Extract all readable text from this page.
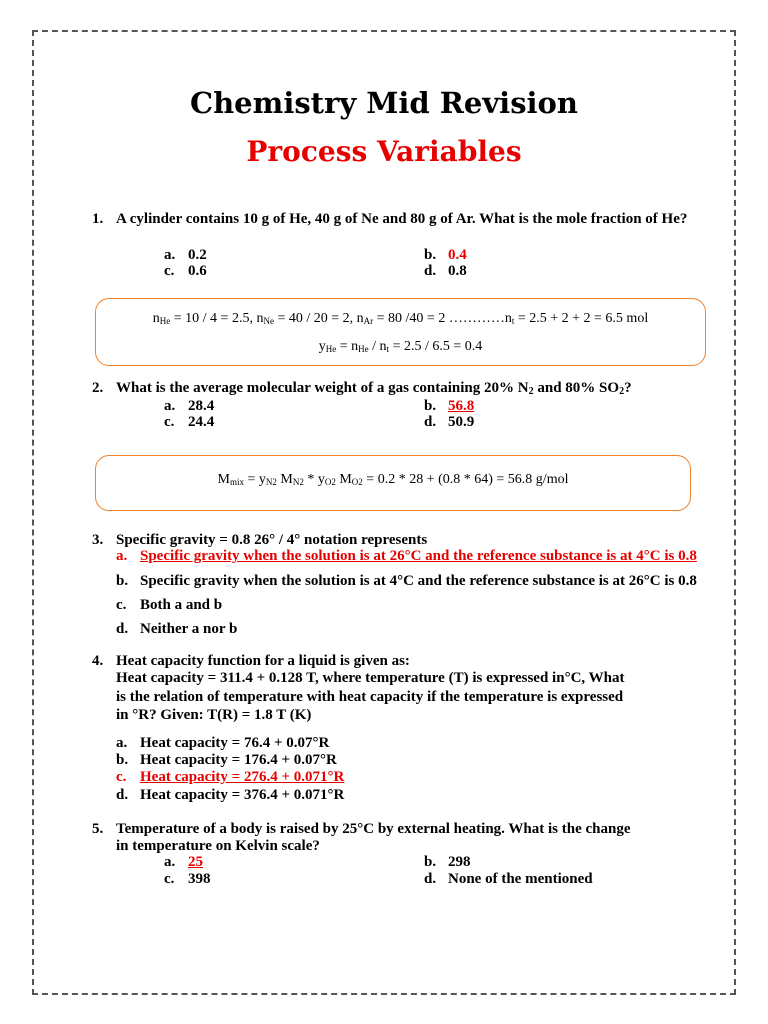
Chemistry Mid Revision
Process Variables
1. A cylinder contains 10 g of He, 40 g of Ne and 80 g of Ar. What is the mole fraction of He?
a. 0.2	b. 0.4
c. 0.6	d. 0.8
$n_{He} = 10 / 4 = 2.5$, $n_{Ne} = 40 / 20 = 2$, $n_{Ar} = 80$ /40 = 2 $\dots\dots\dots\dots n_t = 2.5 + 2 + 2 = 6.5$ mol
$y_{He} = n_{He} / n_t = 2.5 / 6.5 = 0.4$
2. What is the average molecular weight of a gas containing 20% $N_2$ and 80% $SO_2$?
a. 28.4	b. 56.8
c. 24.4	d. 50.9
$M_{mix} = y_{N2}$ $M_{N2} * y_{O2}$ $M_{O2} = 0.2 * 28 + (0.8 * 64) = 56.8$ g/mol
3. Specific gravity = 0.8 26° / 4° notation represents
a. Specific gravity when the solution is at 26°C and the reference substance is at 4°C is 0.8
b. Specific gravity when the solution is at 4°C and the reference substance is at 26°C is 0.8
c. Both a and b
d. Neither a nor b
4. Heat capacity function for a liquid is given as:
Heat capacity = 311.4 + 0.128 T, where temperature (T) is expressed in°C, What
is the relation of temperature with heat capacity if the temperature is expressed
in °R? Given: T(R) = 1.8 T (K)
a. Heat capacity = 76.4 + 0.07°R
b. Heat capacity = 176.4 + 0.07°R
c. Heat capacity = 276.4 + 0.071°R
d. Heat capacity = 376.4 + 0.071°R
5. Temperature of a body is raised by 25°C by external heating. What is the change
in temperature on Kelvin scale?
a. 25	b. 298
c. 398	d. None of the mentioned
